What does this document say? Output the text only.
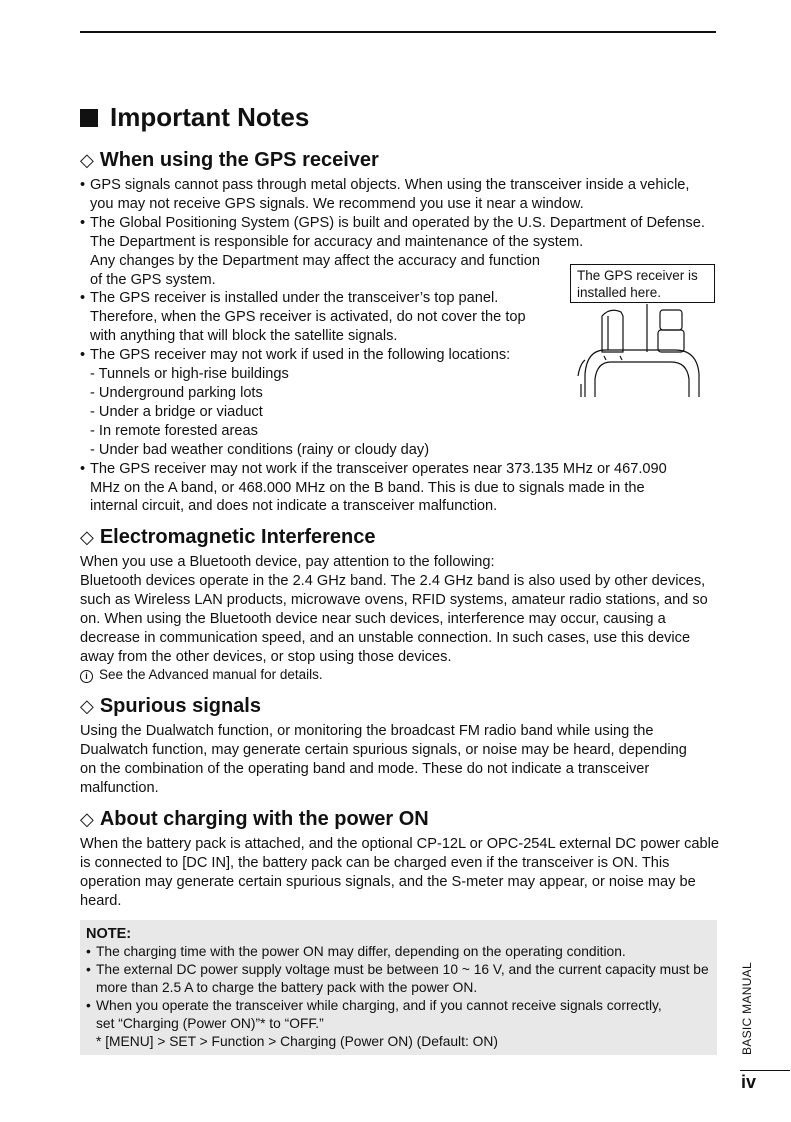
Important Notes
◇ When using the GPS receiver
• GPS signals cannot pass through metal objects. When using the transceiver inside a vehicle, you may not receive GPS signals. We recommend you use it near a window.
• The Global Positioning System (GPS) is built and operated by the U.S. Department of Defense. The Department is responsible for accuracy and maintenance of the system.
Any changes by the Department may affect the accuracy and function of the GPS system.
• The GPS receiver is installed under the transceiver’s top panel. Therefore, when the GPS receiver is activated, do not cover the top with anything that will block the satellite signals.
• The GPS receiver may not work if used in the following locations:
- Tunnels or high-rise buildings
- Underground parking lots
- Under a bridge or viaduct
- In remote forested areas
- Under bad weather conditions (rainy or cloudy day)
• The GPS receiver may not work if the transceiver operates near 373.135 MHz or 467.090 MHz on the A band, or 468.000 MHz on the B band. This is due to signals made in the internal circuit, and does not indicate a transceiver malfunction.
The GPS receiver is installed here.
◇ Electromagnetic Interference
When you use a Bluetooth device, pay attention to the following:
Bluetooth devices operate in the 2.4 GHz band. The 2.4 GHz band is also used by other devices, such as Wireless LAN products, microwave ovens, RFID systems, amateur radio stations, and so on. When using the Bluetooth device near such devices, interference may occur, causing a decrease in communication speed, and an unstable connection. In such cases, use this device away from the other devices, or stop using those devices.
i See the Advanced manual for details.
◇ Spurious signals
Using the Dualwatch function, or monitoring the broadcast FM radio band while using the Dualwatch function, may generate certain spurious signals, or noise may be heard, depending on the combination of the operating band and mode. These do not indicate a transceiver malfunction.
◇ About charging with the power ON
When the battery pack is attached, and the optional CP-12L or OPC-254L external DC power cable is connected to [DC IN], the battery pack can be charged even if the transceiver is ON. This operation may generate certain spurious signals, and the S-meter may appear, or noise may be heard.
NOTE:
• The charging time with the power ON may differ, depending on the operating condition.
• The external DC power supply voltage must be between 10 ~ 16 V, and the current capacity must be more than 2.5 A to charge the battery pack with the power ON.
• When you operate the transceiver while charging, and if you cannot receive signals correctly, set “Charging (Power ON)”* to “OFF.”
* [MENU] > SET > Function > Charging (Power ON) (Default: ON)	BASIC MANUAL
iv
